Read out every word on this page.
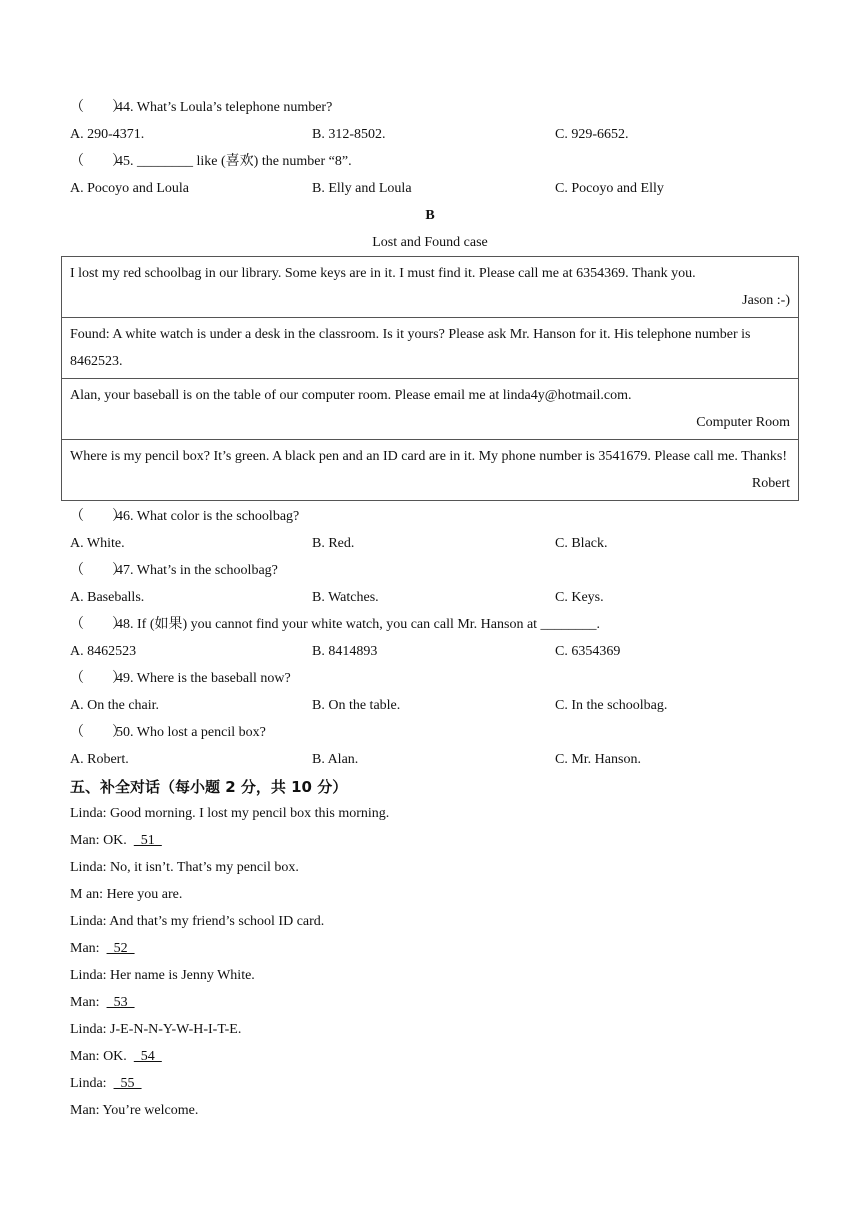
（        ）44. What’s Loula’s telephone number?
A. 290-4371.	B. 312-8502.	C. 929-6652.
（        ）45. ________ like (喜欢) the number “8”.
A. Pocoyo and Loula	B. Elly and Loula	C. Pocoyo and Elly
B
Lost and Found case
I lost my red schoolbag in our library. Some keys are in it. I must find it. Please call me at 6354369. Thank you.
Jason :-)

Found: A white watch is under a desk in the classroom. Is it yours? Please ask Mr. Hanson for it. His telephone number is 8462523.

Alan, your baseball is on the table of our computer room. Please email me at linda4y@hotmail.com.
Computer Room

Where is my pencil box? It’s green. A black pen and an ID card are in it. My phone number is 3541679. Please call me. Thanks!
Robert
（        ）46. What color is the schoolbag?
A. White.	B. Red.	C. Black.
（        ）47. What’s in the schoolbag?
A. Baseballs.	B. Watches.	C. Keys.
（        ）48. If (如果) you cannot find your white watch, you can call Mr. Hanson at ________.
A. 8462523	B. 8414893	C. 6354369
（        ）49. Where is the baseball now?
A. On the chair.	B. On the table.	C. In the schoolbag.
（        ）50. Who lost a pencil box?
A. Robert.	B. Alan.	C. Mr. Hanson.
五、补全对话（每小题 2 分，共 10 分）
Linda: Good morning. I lost my pencil box this morning.
Man: OK.    51
Linda: No, it isn’t. That’s my pencil box.
M an: Here you are.
Linda: And that’s my friend’s school ID card.
Man:    52
Linda: Her name is Jenny White.
Man:    53
Linda: J-E-N-N-Y-W-H-I-T-E.
Man: OK.    54
Linda:    55
Man: You’re welcome.
